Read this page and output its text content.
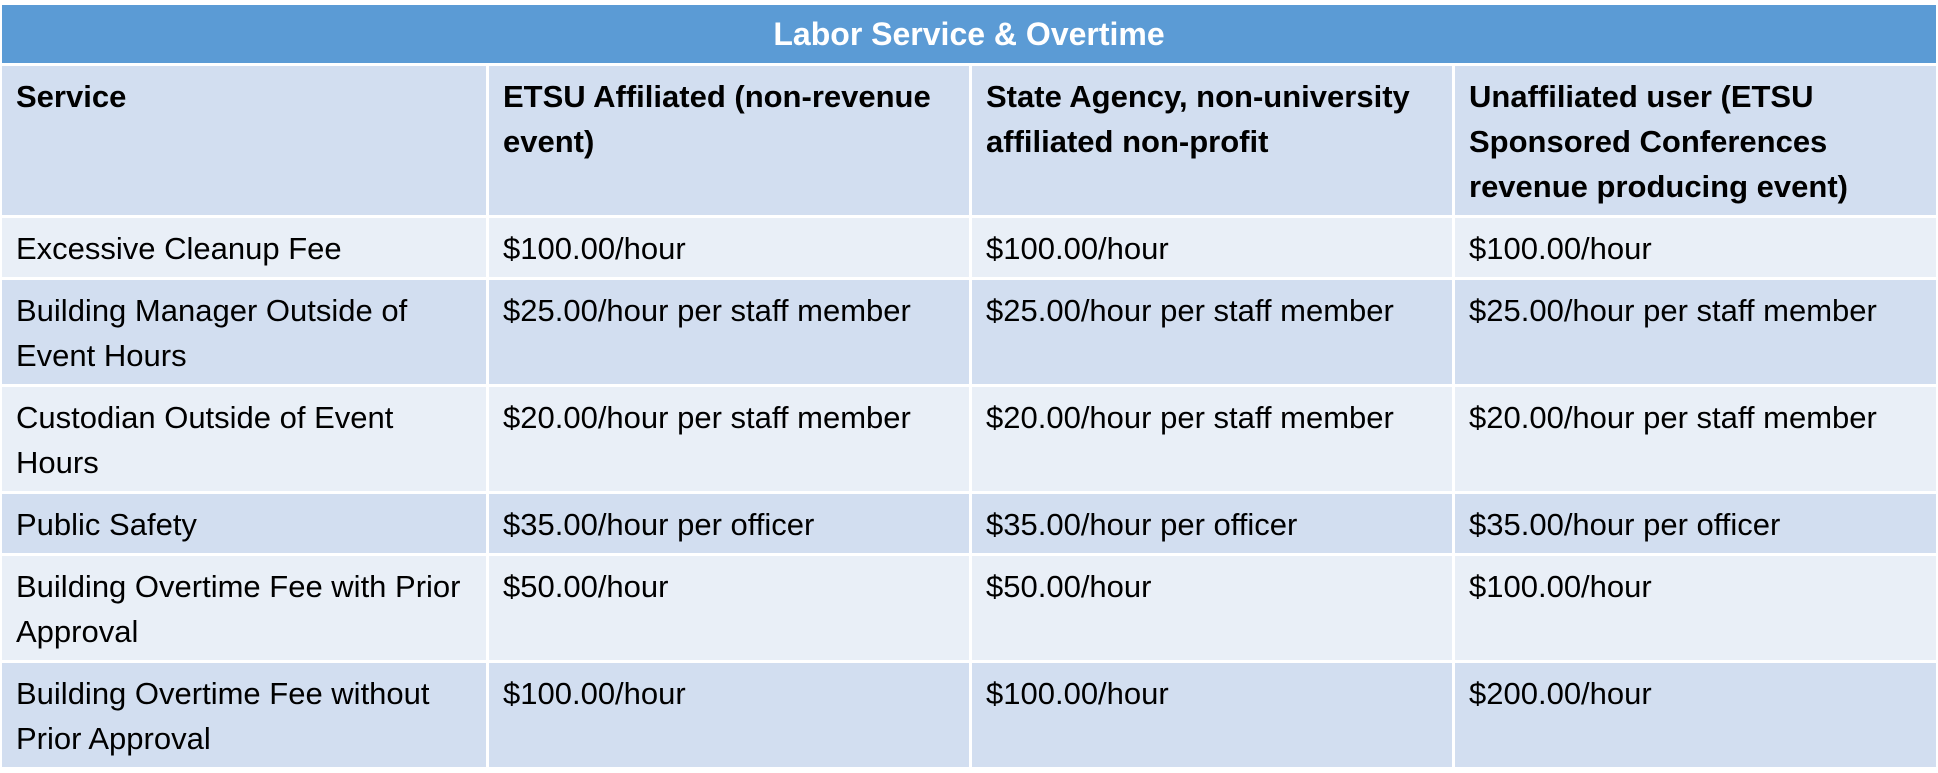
Labor Service & Overtime			
Service	ETSU Affiliated (non-revenue event)	State Agency, non-university affiliated non-profit	Unaffiliated user (ETSU Sponsored Conferences revenue producing event)
Excessive Cleanup Fee	$100.00/hour	$100.00/hour	$100.00/hour
Building Manager Outside of Event Hours	$25.00/hour per staff member	$25.00/hour per staff member	$25.00/hour per staff member
Custodian Outside of Event Hours	$20.00/hour per staff member	$20.00/hour per staff member	$20.00/hour per staff member
Public Safety	$35.00/hour per officer	$35.00/hour per officer	$35.00/hour per officer
Building Overtime Fee with Prior Approval	$50.00/hour	$50.00/hour	$100.00/hour
Building Overtime Fee without Prior Approval	$100.00/hour	$100.00/hour	$200.00/hour
